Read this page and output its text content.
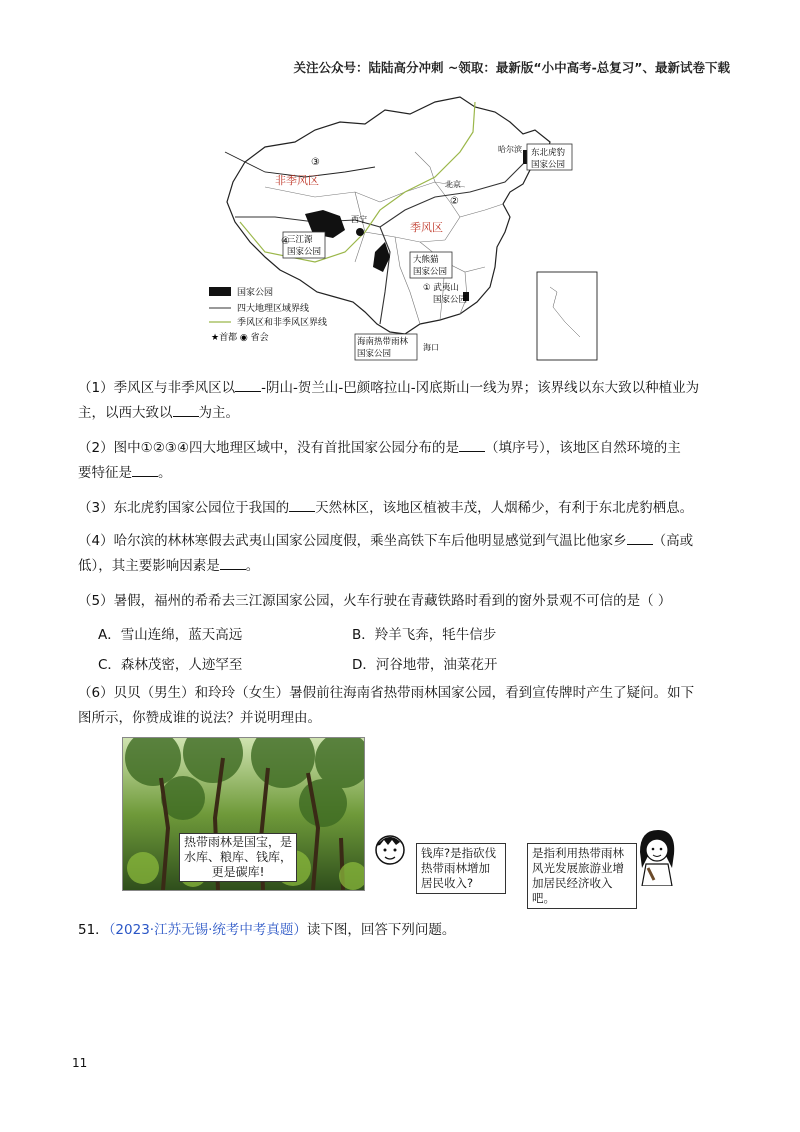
关注公众号：陆陆高分冲刺 ~领取：最新版“小中高考-总复习”、最新试卷下载
③
非季风区
季风区
④
三江源
国家公园
西宁
北京
②
哈尔滨 东北虎豹
国家公园
大熊猫
国家公园
① 武夷山
国家公园
海南热带雨林
国家公园
海口
国家公园
四大地理区域界线
季风区和非季风区界线
★首都 ◉ 省会
（1）季风区与非季风区以 -阴山-贺兰山-巴颜喀拉山-冈底斯山一线为界；该界线以东大致以种植业为
主，以西大致以 为主。
（2）图中①②③④四大地理区域中，没有首批国家公园分布的是 （填序号），该地区自然环境的主
要特征是 。
（3）东北虎豹国家公园位于我国的 天然林区，该地区植被丰茂，人烟稀少，有利于东北虎豹栖息。
（4）哈尔滨的林林寒假去武夷山国家公园度假，乘坐高铁下车后他明显感觉到气温比他家乡 （高或
低），其主要影响因素是 。
（5）暑假，福州的希希去三江源国家公园，火车行驶在青藏铁路时看到的窗外景观不可信的是（ ）
A．雪山连绵，蓝天高远	B．羚羊飞奔，牦牛信步
C．森林茂密，人迹罕至	D．河谷地带，油菜花开
（6）贝贝（男生）和玲玲（女生）暑假前往海南省热带雨林国家公园，看到宣传牌时产生了疑问。如下
图所示，你赞成谁的说法？并说明理由。
热带雨林是国宝，是水库、粮库、钱库，更是碳库!
钱库?是指砍伐热带雨林增加居民收入?
是指利用热带雨林风光发展旅游业增加居民经济收入吧。
51．（2023·江苏无锡·统考中考真题）读下图，回答下列问题。
11
